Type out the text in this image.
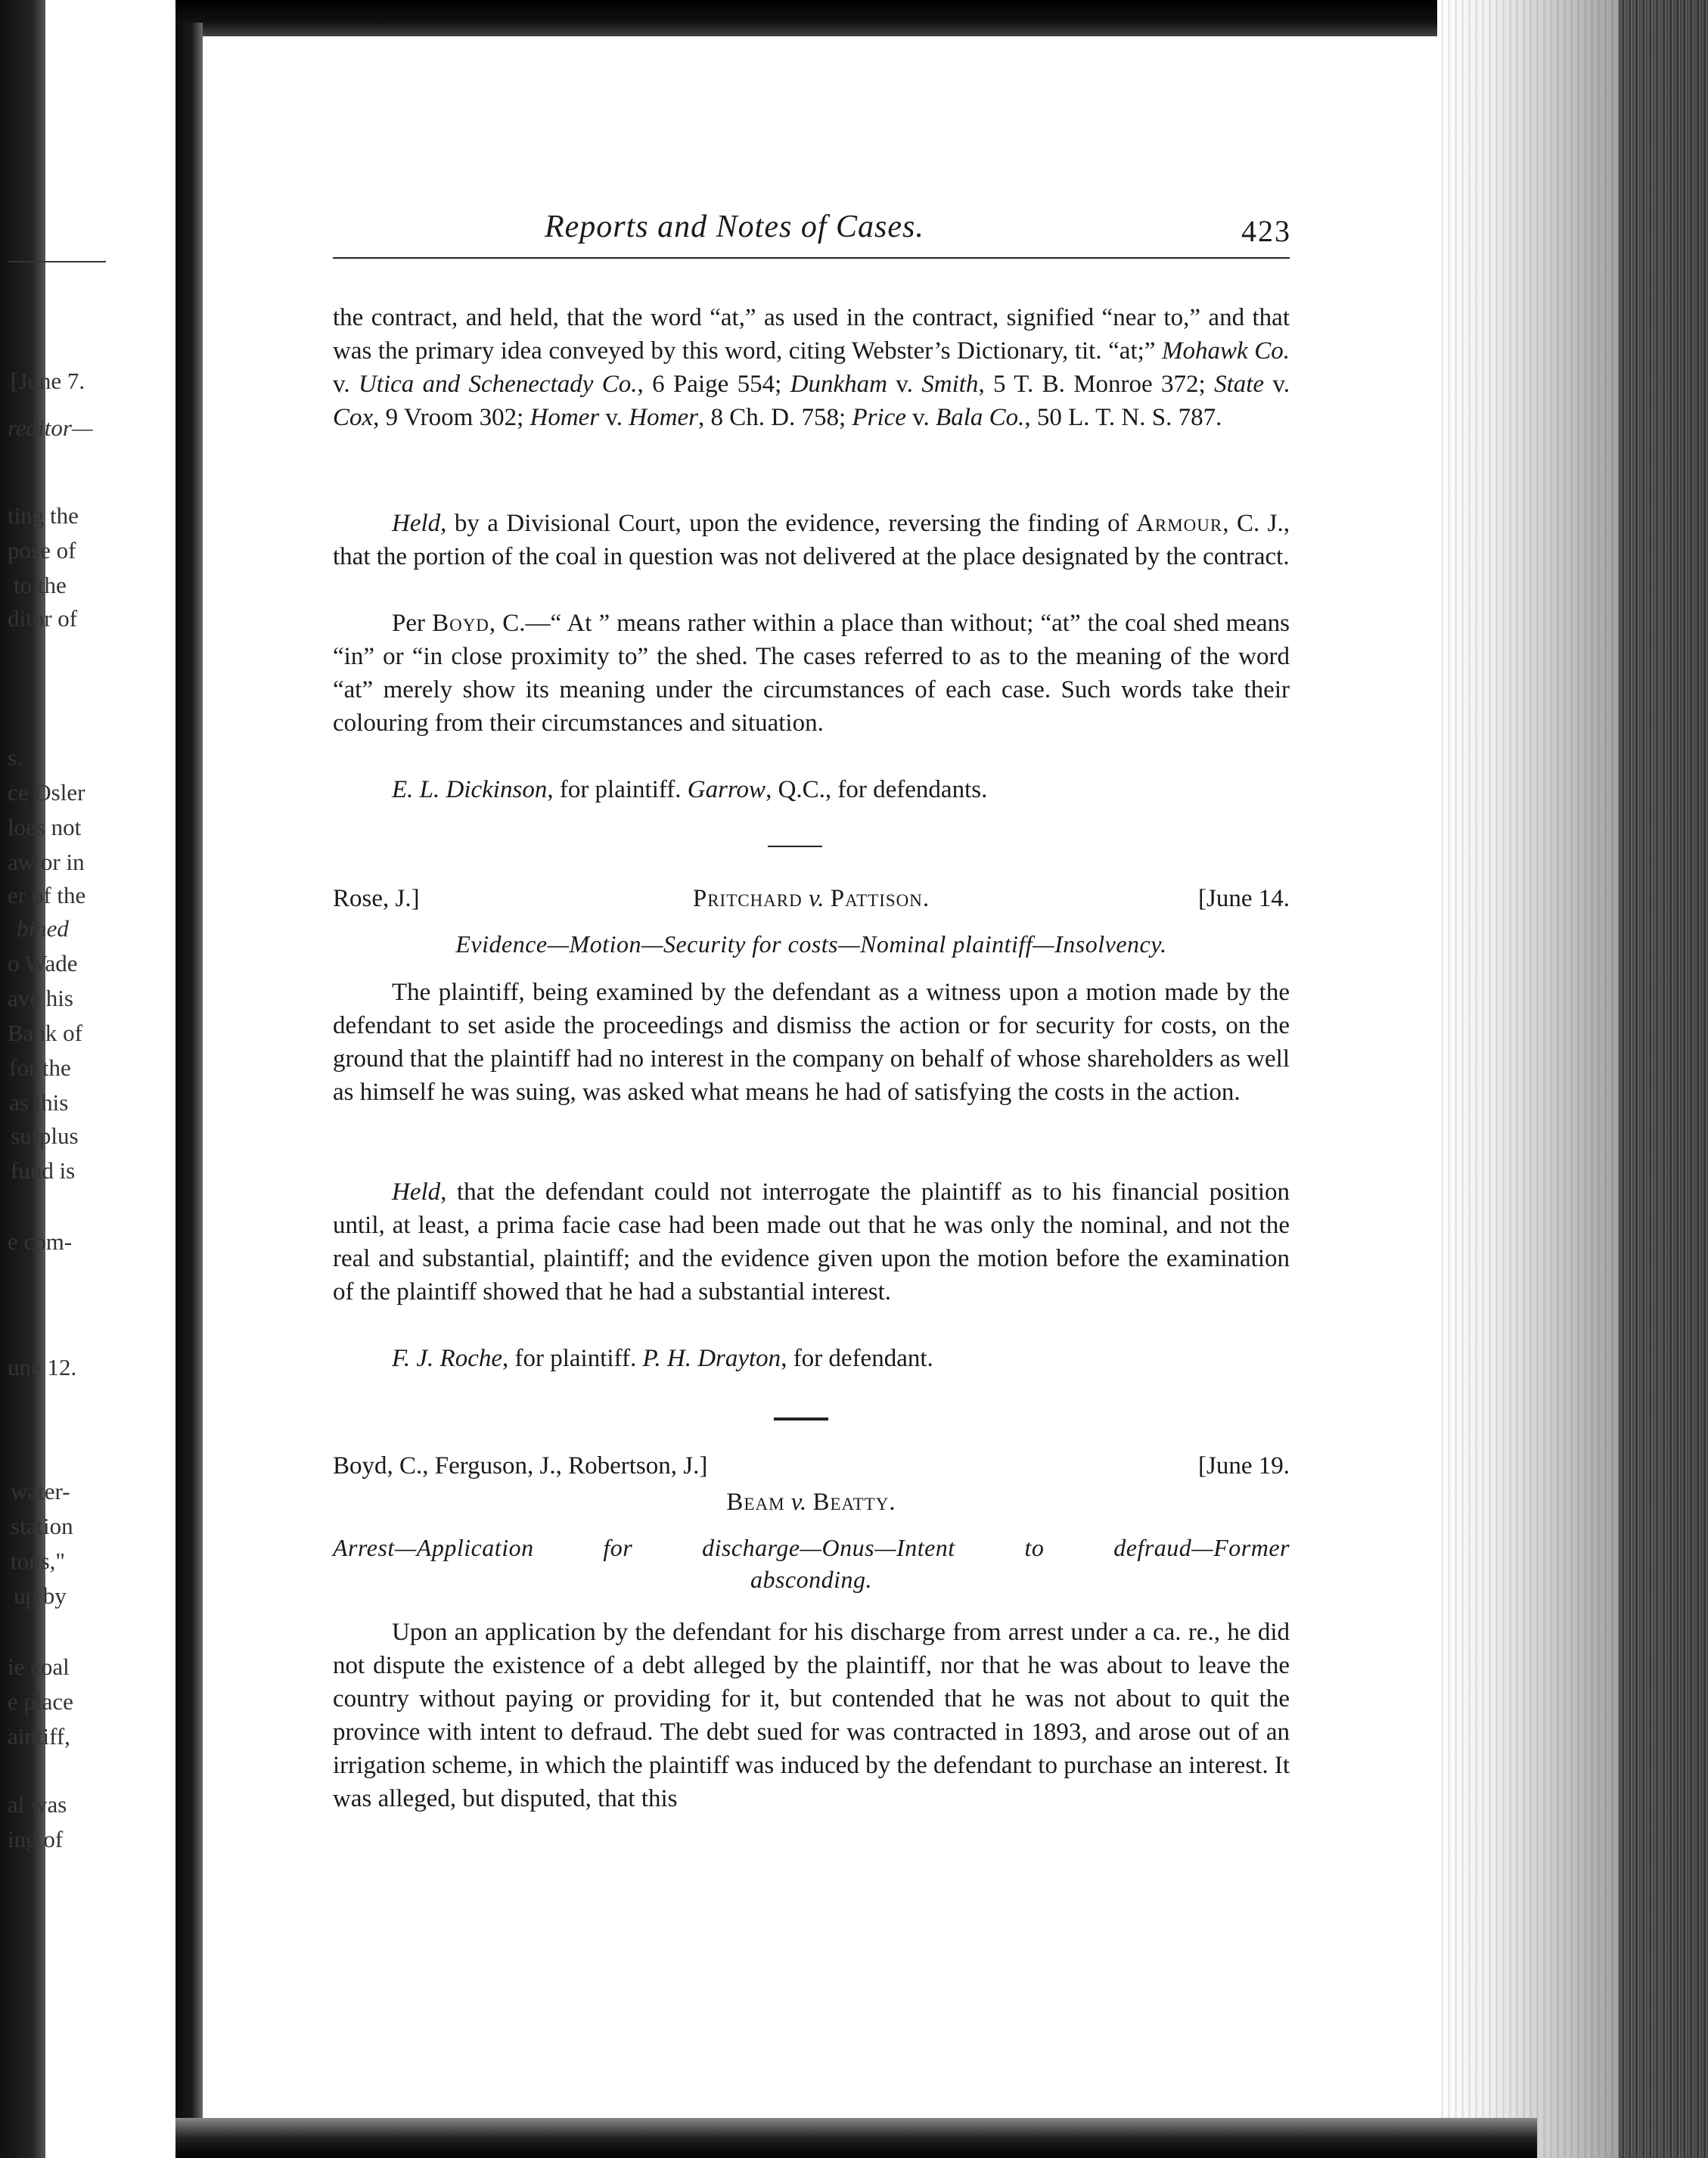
[June 7.
reditor—
ting the
pose of
to the
ditor of
s.
ce Osler
loes not
aw or in
er of the
bined
o Wade
ave his
Bank of
for the
as this
surplus
fund is
e com-
une 12.
water-
station
tons,"
up by
ie coal
e place
aintiff,
al was
ing of
Reports and Notes of Cases.	423

the contract, and held, that the word “at,” as used in the contract, signified “near to,” and that was the primary idea conveyed by this word, citing Webster’s Dictionary, tit. “at;” Mohawk Co. v. Utica and Schenectady Co., 6 Paige 554; Dunkham v. Smith, 5 T. B. Monroe 372; State v. Cox, 9 Vroom 302; Homer v. Homer, 8 Ch. D. 758; Price v. Bala Co., 50 L. T. N. S. 787.

Held, by a Divisional Court, upon the evidence, reversing the finding of Armour, C. J., that the portion of the coal in question was not delivered at the place designated by the contract.

Per Boyd, C.—“ At ” means rather within a place than without; “at” the coal shed means “in” or “in close proximity to” the shed. The cases referred to as to the meaning of the word “at” merely show its meaning under the circumstances of each case. Such words take their colouring from their circumstances and situation.

E. L. Dickinson, for plaintiff. Garrow, Q.C., for defendants.

Rose, J.]	Pritchard v. Pattison.	[June 14.
Evidence—Motion—Security for costs—Nominal plaintiff—Insolvency.

The plaintiff, being examined by the defendant as a witness upon a motion made by the defendant to set aside the proceedings and dismiss the action or for security for costs, on the ground that the plaintiff had no interest in the company on behalf of whose shareholders as well as himself he was suing, was asked what means he had of satisfying the costs in the action.

Held, that the defendant could not interrogate the plaintiff as to his financial position until, at least, a prima facie case had been made out that he was only the nominal, and not the real and substantial, plaintiff; and the evidence given upon the motion before the examination of the plaintiff showed that he had a substantial interest.

F. J. Roche, for plaintiff. P. H. Drayton, for defendant.

Boyd, C., Ferguson, J., Robertson, J.]	[June 19.
Beam v. Beatty.
Arrest—Application for discharge—Onus—Intent to defraud—Former
absconding.

Upon an application by the defendant for his discharge from arrest under a ca. re., he did not dispute the existence of a debt alleged by the plaintiff, nor that he was about to leave the country without paying or providing for it, but contended that he was not about to quit the province with intent to defraud. The debt sued for was contracted in 1893, and arose out of an irrigation scheme, in which the plaintiff was induced by the defendant to purchase an interest. It was alleged, but disputed, that this
